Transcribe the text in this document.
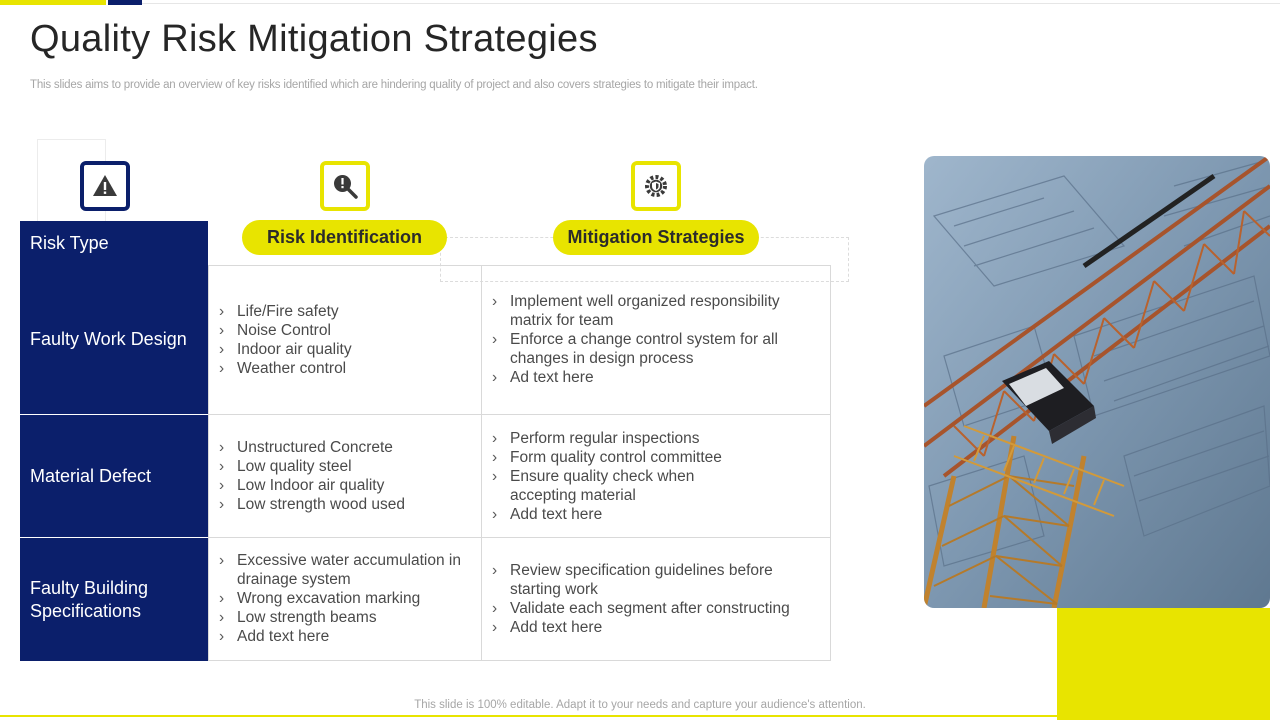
Quality Risk Mitigation Strategies

This slides aims to provide an overview of key risks identified which are hindering quality of project and also covers strategies to mitigate their impact.

Risk Identification	Mitigation Strategies
Risk Type
Faulty Work Design
Material Defect
Faulty Building Specifications
› Life/Fire safety
› Noise Control
› Indoor air quality
› Weather control
› Implement well organized responsibility matrix for team
› Enforce a change control system for all changes in design process
› Ad text here
› Unstructured Concrete
› Low quality steel
› Low Indoor air quality
› Low strength wood used
› Perform regular inspections
› Form quality control committee
› Ensure quality check when accepting material
› Add text here
› Excessive water accumulation in drainage system
› Wrong excavation marking
› Low strength beams
› Add text here
› Review specification guidelines before starting work
› Validate each segment after constructing
› Add text here
This slide is 100% editable. Adapt it to your needs and capture your audience's attention.
